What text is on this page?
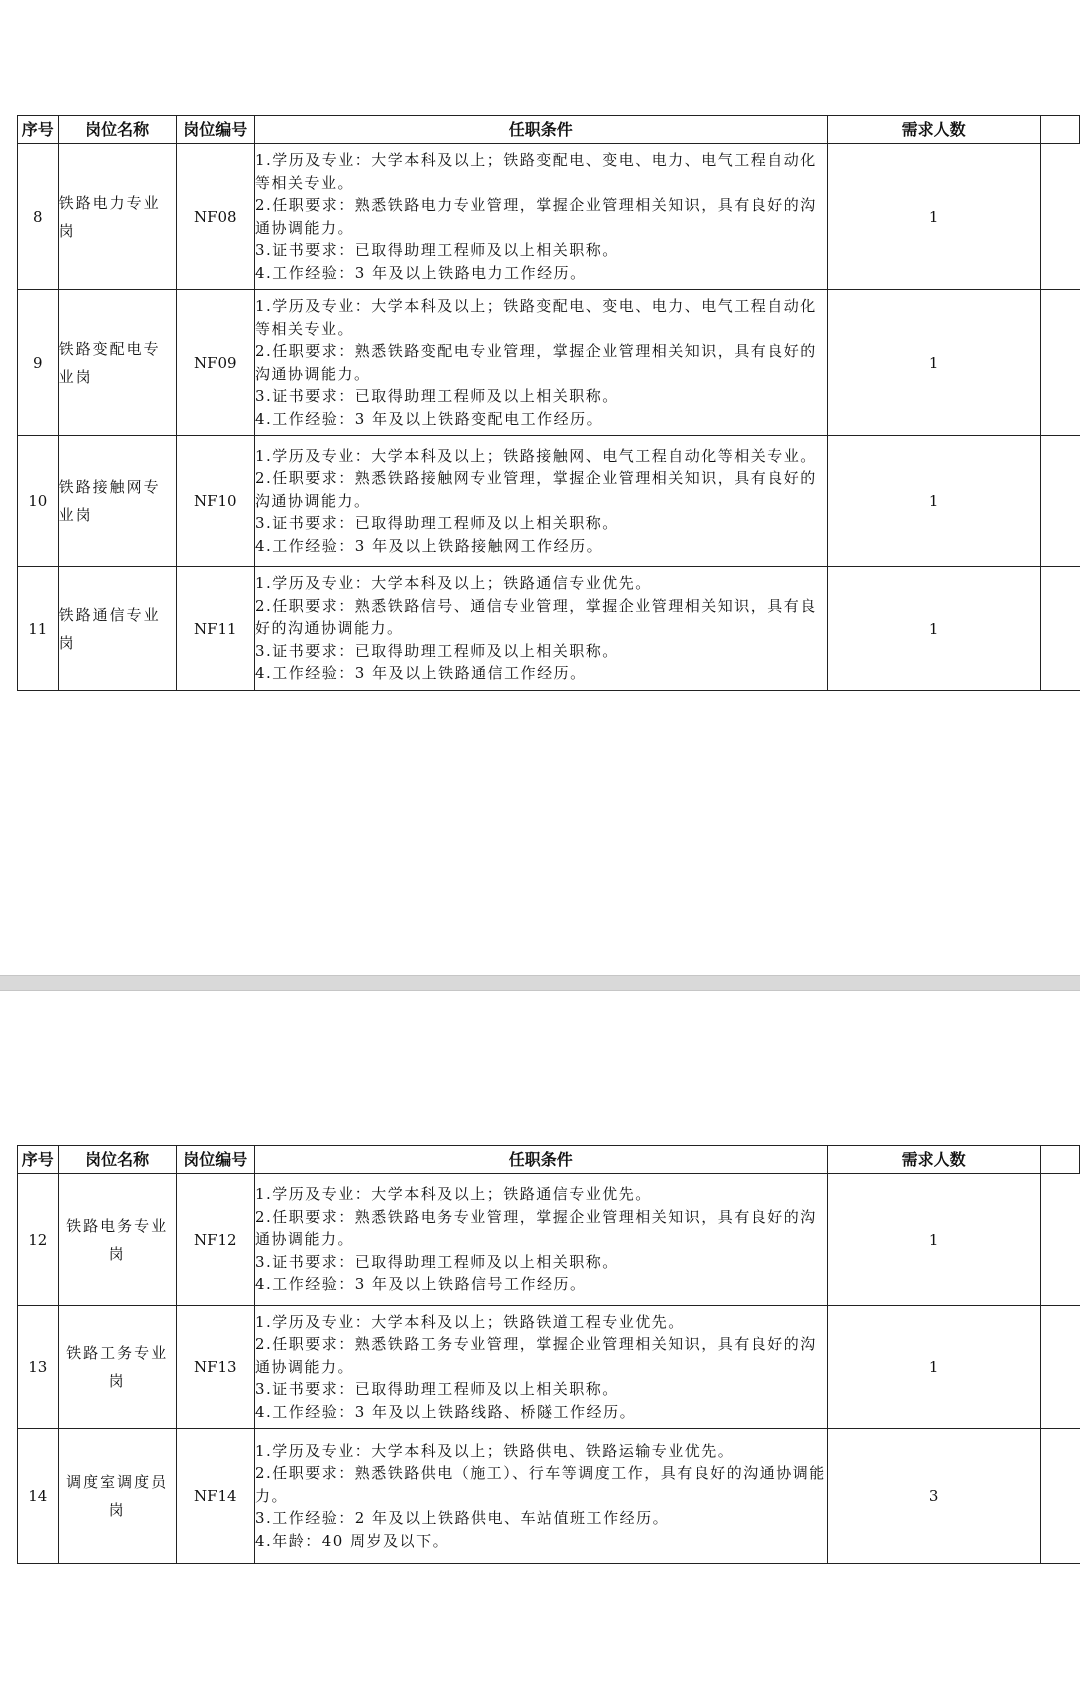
序号	岗位名称	岗位编号	任职条件	需求人数	
8	铁路电力专业岗	NF08	1.学历及专业：大学本科及以上；铁路变配电、变电、电力、电气工程自动化等相关专业。
2.任职要求：熟悉铁路电力专业管理，掌握企业管理相关知识，具有良好的沟通协调能力。
3.证书要求：已取得助理工程师及以上相关职称。
4.工作经验：3 年及以上铁路电力工作经历。	1	
9	铁路变配电专业岗	NF09	1.学历及专业：大学本科及以上；铁路变配电、变电、电力、电气工程自动化等相关专业。
2.任职要求：熟悉铁路变配电专业管理，掌握企业管理相关知识，具有良好的沟通协调能力。
3.证书要求：已取得助理工程师及以上相关职称。
4.工作经验：3 年及以上铁路变配电工作经历。	1	
10	铁路接触网专业岗	NF10	1.学历及专业：大学本科及以上；铁路接触网、电气工程自动化等相关专业。
2.任职要求：熟悉铁路接触网专业管理，掌握企业管理相关知识，具有良好的沟通协调能力。
3.证书要求：已取得助理工程师及以上相关职称。
4.工作经验：3 年及以上铁路接触网工作经历。	1	
11	铁路通信专业岗	NF11	1.学历及专业：大学本科及以上；铁路通信专业优先。
2.任职要求：熟悉铁路信号、通信专业管理，掌握企业管理相关知识，具有良好的沟通协调能力。
3.证书要求：已取得助理工程师及以上相关职称。
4.工作经验：3 年及以上铁路通信工作经历。	1	
序号	岗位名称	岗位编号	任职条件	需求人数	
12	铁路电务专业岗	NF12	1.学历及专业：大学本科及以上；铁路通信专业优先。
2.任职要求：熟悉铁路电务专业管理，掌握企业管理相关知识，具有良好的沟通协调能力。
3.证书要求：已取得助理工程师及以上相关职称。
4.工作经验：3 年及以上铁路信号工作经历。	1	
13	铁路工务专业岗	NF13	1.学历及专业：大学本科及以上；铁路铁道工程专业优先。
2.任职要求：熟悉铁路工务专业管理，掌握企业管理相关知识，具有良好的沟通协调能力。
3.证书要求：已取得助理工程师及以上相关职称。
4.工作经验：3 年及以上铁路线路、桥隧工作经历。	1	
14	调度室调度员岗	NF14	1.学历及专业：大学本科及以上；铁路供电、铁路运输专业优先。
2.任职要求：熟悉铁路供电（施工）、行车等调度工作，具有良好的沟通协调能力。
3.工作经验：2 年及以上铁路供电、车站值班工作经历。
4.年龄：40 周岁及以下。	3	
